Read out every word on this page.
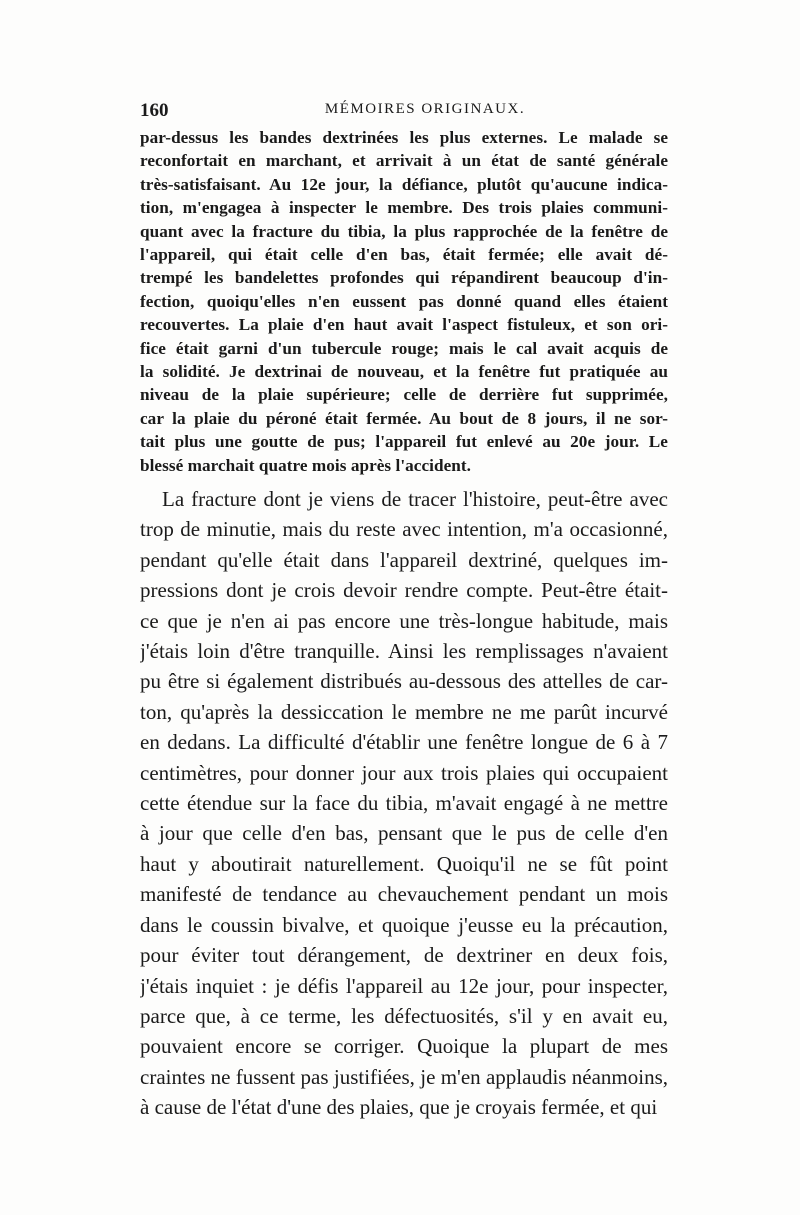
160	MÉMOIRES ORIGINAUX.
par-dessus les bandes dextrinées les plus externes. Le malade se
reconfortait en marchant, et arrivait à un état de santé générale
très-satisfaisant. Au 12e jour, la défiance, plutôt qu'aucune indica-
tion, m'engagea à inspecter le membre. Des trois plaies communi-
quant avec la fracture du tibia, la plus rapprochée de la fenêtre de
l'appareil, qui était celle d'en bas, était fermée; elle avait dé-
trempé les bandelettes profondes qui répandirent beaucoup d'in-
fection, quoiqu'elles n'en eussent pas donné quand elles étaient
recouvertes. La plaie d'en haut avait l'aspect fistuleux, et son ori-
fice était garni d'un tubercule rouge; mais le cal avait acquis de
la solidité. Je dextrinai de nouveau, et la fenêtre fut pratiquée au
niveau de la plaie supérieure; celle de derrière fut supprimée,
car la plaie du péroné était fermée. Au bout de 8 jours, il ne sor-
tait plus une goutte de pus; l'appareil fut enlevé au 20e jour. Le
blessé marchait quatre mois après l'accident.
La fracture dont je viens de tracer l'histoire, peut-être avec
trop de minutie, mais du reste avec intention, m'a occasionné,
pendant qu'elle était dans l'appareil dextriné, quelques im-
pressions dont je crois devoir rendre compte. Peut-être était-
ce que je n'en ai pas encore une très-longue habitude, mais
j'étais loin d'être tranquille. Ainsi les remplissages n'avaient
pu être si également distribués au-dessous des attelles de car-
ton, qu'après la dessiccation le membre ne me parût incurvé
en dedans. La difficulté d'établir une fenêtre longue de 6 à 7
centimètres, pour donner jour aux trois plaies qui occupaient
cette étendue sur la face du tibia, m'avait engagé à ne mettre
à jour que celle d'en bas, pensant que le pus de celle d'en
haut y aboutirait naturellement. Quoiqu'il ne se fût point
manifesté de tendance au chevauchement pendant un mois
dans le coussin bivalve, et quoique j'eusse eu la précaution,
pour éviter tout dérangement, de dextriner en deux fois,
j'étais inquiet : je défis l'appareil au 12e jour, pour inspecter,
parce que, à ce terme, les défectuosités, s'il y en avait eu,
pouvaient encore se corriger. Quoique la plupart de mes
craintes ne fussent pas justifiées, je m'en applaudis néanmoins,
à cause de l'état d'une des plaies, que je croyais fermée, et qui
